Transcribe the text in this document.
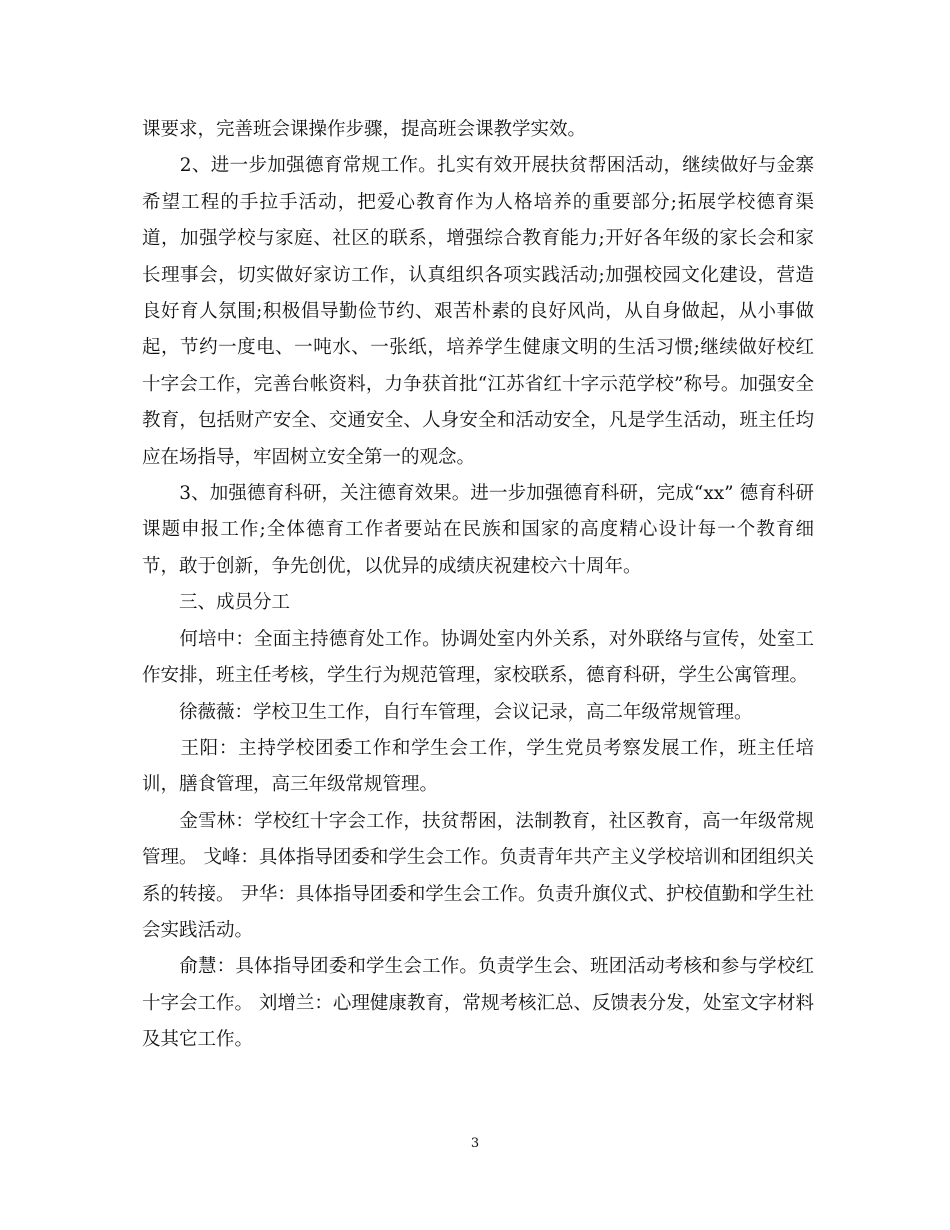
课要求，完善班会课操作步骤，提高班会课教学实效。

　　2、进一步加强德育常规工作。扎实有效开展扶贫帮困活动，继续做好与金寨希望工程的手拉手活动，把爱心教育作为人格培养的重要部分;拓展学校德育渠道，加强学校与家庭、社区的联系，增强综合教育能力;开好各年级的家长会和家长理事会，切实做好家访工作，认真组织各项实践活动;加强校园文化建设，营造良好育人氛围;积极倡导勤俭节约、艰苦朴素的良好风尚，从自身做起，从小事做起，节约一度电、一吨水、一张纸，培养学生健康文明的生活习惯;继续做好校红十字会工作，完善台帐资料，力争获首批“江苏省红十字示范学校”称号。加强安全教育，包括财产安全、交通安全、人身安全和活动安全，凡是学生活动，班主任均应在场指导，牢固树立安全第一的观念。

　　3、加强德育科研，关注德育效果。进一步加强德育科研，完成“xx” 德育科研课题申报工作;全体德育工作者要站在民族和国家的高度精心设计每一个教育细节，敢于创新，争先创优，以优异的成绩庆祝建校六十周年。

　　三、成员分工

　　何培中：全面主持德育处工作。协调处室内外关系，对外联络与宣传，处室工作安排，班主任考核，学生行为规范管理，家校联系，德育科研，学生公寓管理。

　　徐薇薇：学校卫生工作，自行车管理，会议记录，高二年级常规管理。

　　王阳：主持学校团委工作和学生会工作，学生党员考察发展工作，班主任培训，膳食管理，高三年级常规管理。

　　金雪林：学校红十字会工作，扶贫帮困，法制教育，社区教育，高一年级常规管理。 戈峰：具体指导团委和学生会工作。负责青年共产主义学校培训和团组织关系的转接。 尹华：具体指导团委和学生会工作。负责升旗仪式、护校值勤和学生社会实践活动。

　　俞慧：具体指导团委和学生会工作。负责学生会、班团活动考核和参与学校红十字会工作。 刘增兰：心理健康教育，常规考核汇总、反馈表分发，处室文字材料及其它工作。

3
